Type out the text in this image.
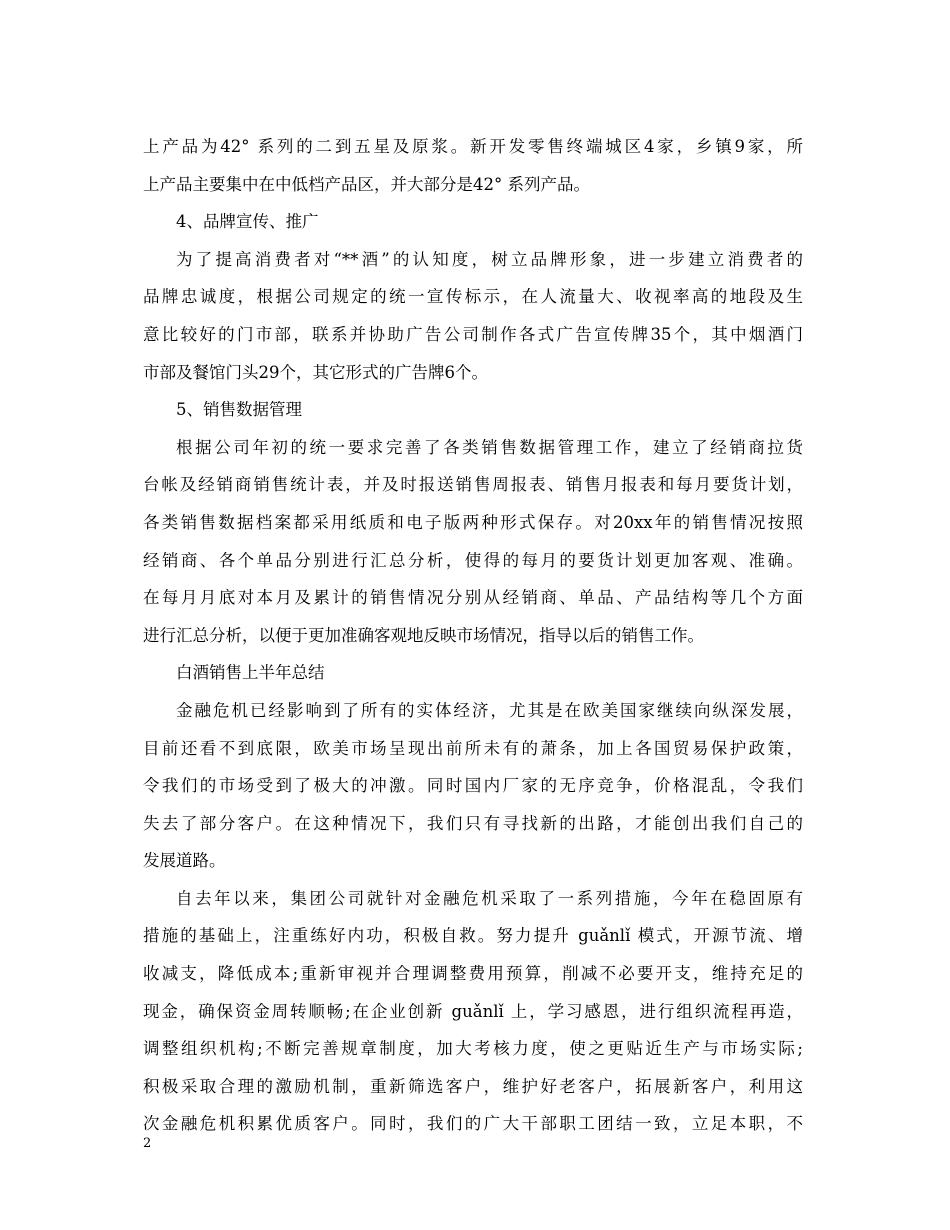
上产品为42° 系列的二到五星及原浆。新开发零售终端城区4家，乡镇9家，所
上产品主要集中在中低档产品区，并大部分是42° 系列产品。
4、品牌宣传、推广
为了提高消费者对“**酒”的认知度，树立品牌形象，进一步建立消费者的
品牌忠诚度，根据公司规定的统一宣传标示，在人流量大、收视率高的地段及生
意比较好的门市部，联系并协助广告公司制作各式广告宣传牌35个，其中烟酒门
市部及餐馆门头29个，其它形式的广告牌6个。
5、销售数据管理
根据公司年初的统一要求完善了各类销售数据管理工作，建立了经销商拉货
台帐及经销商销售统计表，并及时报送销售周报表、销售月报表和每月要货计划，
各类销售数据档案都采用纸质和电子版两种形式保存。对20xx年的销售情况按照
经销商、各个单品分别进行汇总分析，使得的每月的要货计划更加客观、准确。
在每月月底对本月及累计的销售情况分别从经销商、单品、产品结构等几个方面
进行汇总分析，以便于更加准确客观地反映市场情况，指导以后的销售工作。
白酒销售上半年总结
金融危机已经影响到了所有的实体经济，尤其是在欧美国家继续向纵深发展，
目前还看不到底限，欧美市场呈现出前所未有的萧条，加上各国贸易保护政策，
令我们的市场受到了极大的冲激。同时国内厂家的无序竞争，价格混乱，令我们
失去了部分客户。在这种情况下，我们只有寻找新的出路，才能创出我们自己的
发展道路。
自去年以来，集团公司就针对金融危机采取了一系列措施，今年在稳固原有
措施的基础上，注重练好内功，积极自救。努力提升 guǎnlǐ 模式，开源节流、增
收减支，降低成本;重新审视并合理调整费用预算，削减不必要开支，维持充足的
现金，确保资金周转顺畅;在企业创新 guǎnlǐ 上，学习感恩，进行组织流程再造，
调整组织机构;不断完善规章制度，加大考核力度，使之更贴近生产与市场实际;
积极采取合理的激励机制，重新筛选客户，维护好老客户，拓展新客户，利用这
次金融危机积累优质客户。同时，我们的广大干部职工团结一致，立足本职，不
2
